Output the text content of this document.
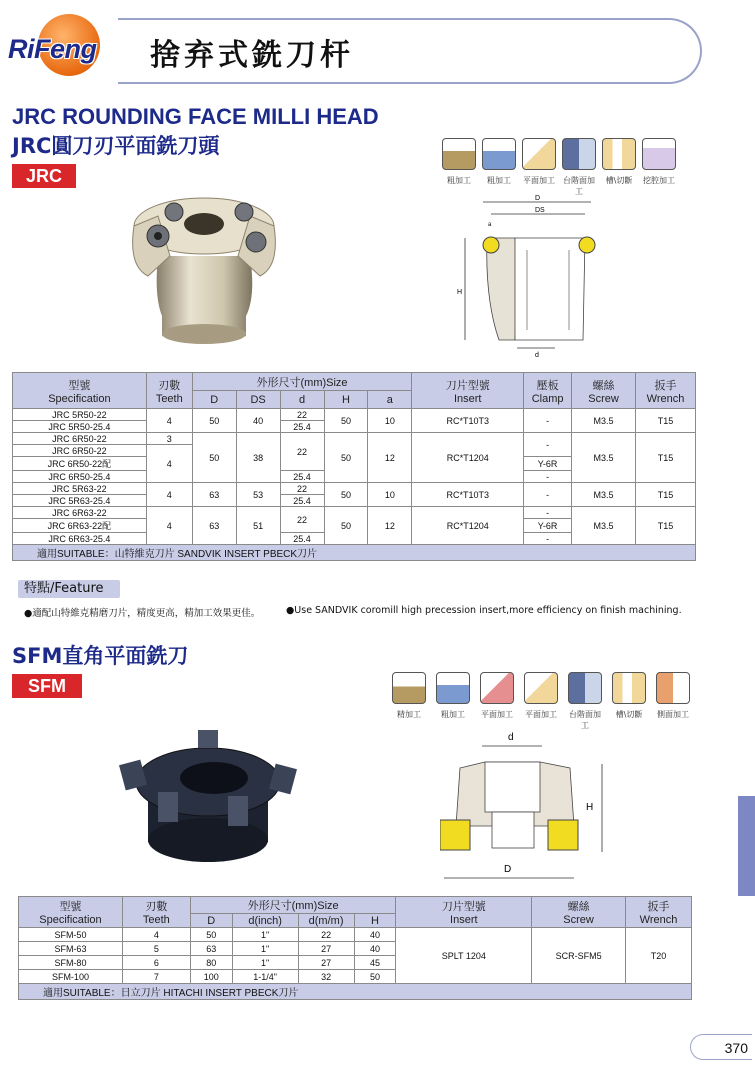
RiFeng 捨弃式銑刀杆
JRC ROUNDING FACE MILLI HEAD
JRC圓刀刃平面銑刀頭
JRC	粗加工	粗加工	平面加工 台階面加工
槽\切斷	挖腔加工
D
DS
a
H
d
型號
Specification	刃數
Teeth	外形尺寸(mm)Size					刀片型號
Insert	壓板
Clamp	螺絲
Screw	扳手
Wrench
		D	DS	d	H	a				
JRC 5R50-22	4	50	40	22	50	10	RC*T10T3	-	M3.5	T15
JRC 5R50-25.4				25.4						
JRC 6R50-22	3	50	38	22	50	12	RC*T1204	-	M3.5	T15
JRC 6R50-22	4									
JRC 6R50-22配								Y-6R		
JRC 6R50-25.4				25.4				-		
JRC 5R63-22	4	63	53	22	50	10	RC*T10T3	-	M3.5	T15
JRC 5R63-25.4				25.4						
JRC 6R63-22	4	63	51	22	50	12	RC*T1204	-	M3.5	T15
JRC 6R63-22配								Y-6R		
JRC 6R63-25.4				25.4				-		
適用SUITABLE：山特維克刀片 SANDVIK INSERT PBECK刀片										
特點/Feature
●適配山特維克精磨刀片，精度更高，精加工效果更佳。	●Use SANDVIK coromill high precession insert,more efficiency on finish machining.
SFM直角平面銑刀
SFM
精加工	粗加工	平面加工 平面加工 台階面加工
槽\切斷	側面加工
d
H
D
型號
Specification	刃數
Teeth	外形尺寸(mm)Size				刀片型號
Insert	螺絲
Screw	扳手
Wrench
		D	d(inch)	d(m/m)	H			
SFM-50	4	50	1"	22	40	SPLT 1204	SCR-SFM5	T20
SFM-63	5	63	1"	27	40			
SFM-80	6	80	1"	27	45			
SFM-100	7	100	1-1/4"	32	50			
適用SUITABLE：日立刀片 HITACHI INSERT PBECK刀片								
370
